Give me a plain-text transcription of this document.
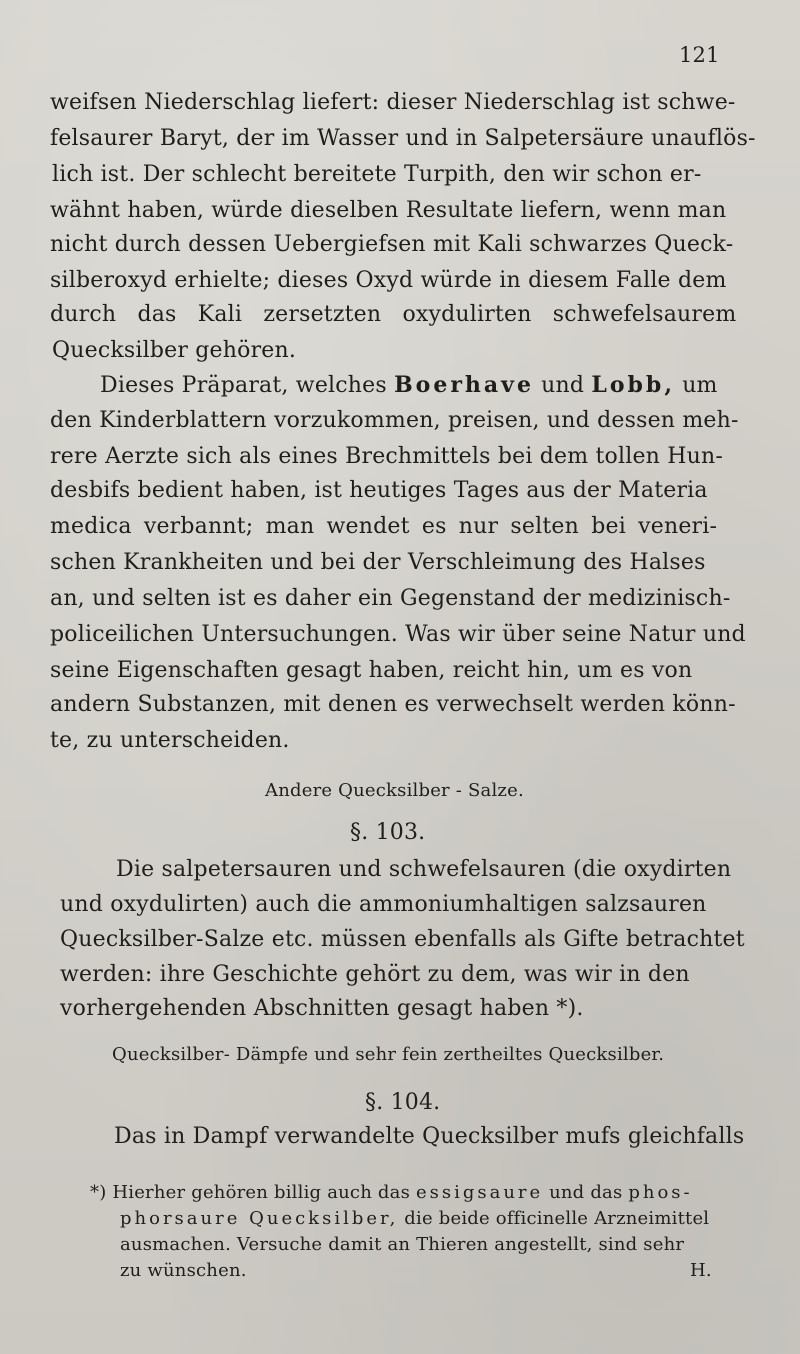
121
weifsen Niederschlag liefert: dieser Niederschlag ist schwe-
felsaurer Baryt, der im Wasser und in Salpetersäure unauflös-
lich ist. Der schlecht bereitete Turpith, den wir schon er-
wähnt haben, würde dieselben Resultate liefern, wenn man
nicht durch dessen Uebergiefsen mit Kali schwarzes Queck-
silberoxyd erhielte; dieses Oxyd würde in diesem Falle dem
durch das Kali zersetzten oxydulirten schwefelsaurem
Quecksilber gehören.
Dieses Präparat, welches Boerhave und Lobb, um
den Kinderblattern vorzukommen, preisen, und dessen meh-
rere Aerzte sich als eines Brechmittels bei dem tollen Hun-
desbifs bedient haben, ist heutiges Tages aus der Materia
medica verbannt; man wendet es nur selten bei veneri-
schen Krankheiten und bei der Verschleimung des Halses
an, und selten ist es daher ein Gegenstand der medizinisch-
policeilichen Untersuchungen. Was wir über seine Natur und
seine Eigenschaften gesagt haben, reicht hin, um es von
andern Substanzen, mit denen es verwechselt werden könn-
te, zu unterscheiden.
Andere Quecksilber - Salze.
§. 103.
Die salpetersauren und schwefelsauren (die oxydirten
und oxydulirten) auch die ammoniumhaltigen salzsauren
Quecksilber-Salze etc. müssen ebenfalls als Gifte betrachtet
werden: ihre Geschichte gehört zu dem, was wir in den
vorhergehenden Abschnitten gesagt haben *).
Quecksilber- Dämpfe und sehr fein zertheiltes Quecksilber.
§. 104.
Das in Dampf verwandelte Quecksilber mufs gleichfalls
*) Hierher gehören billig auch das essigsaure und das phos-
phorsaure Quecksilber, die beide officinelle Arzneimittel
ausmachen. Versuche damit an Thieren angestellt, sind sehr
zu wünschen.	H.
